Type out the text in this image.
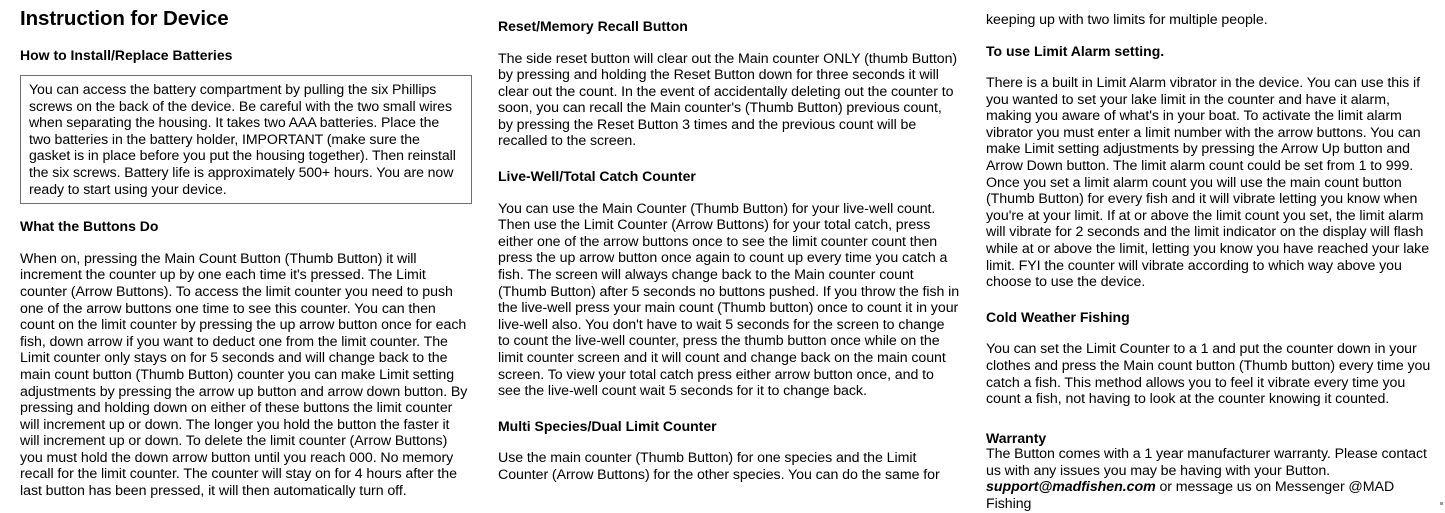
Instruction for Device
How to Install/Replace Batteries

You can access the battery compartment by pulling the six Phillips screws on the back of the device. Be careful with the two small wires when separating the housing. It takes two AAA batteries. Place the two batteries in the battery holder, IMPORTANT (make sure the gasket is in place before you put the housing together). Then reinstall the six screws. Battery life is approximately 500+ hours. You are now ready to start using your device.

What the Buttons Do

When on, pressing the Main Count Button (Thumb Button) it will increment the counter up by one each time it's pressed. The Limit counter (Arrow Buttons). To access the limit counter you need to push one of the arrow buttons one time to see this counter. You can then count on the limit counter by pressing the up arrow button once for each fish, down arrow if you want to deduct one from the limit counter. The Limit counter only stays on for 5 seconds and will change back to the main count button (Thumb Button) counter you can make Limit setting adjustments by pressing the arrow up button and arrow down button. By pressing and holding down on either of these buttons the limit counter will increment up or down. The longer you hold the button the faster it will increment up or down. To delete the limit counter (Arrow Buttons) you must hold the down arrow button until you reach 000. No memory recall for the limit counter. The counter will stay on for 4 hours after the last button has been pressed, it will then automatically turn off.

Reset/Memory Recall Button

The side reset button will clear out the Main counter ONLY (thumb Button) by pressing and holding the Reset Button down for three seconds it will clear out the count. In the event of accidentally deleting out the counter to soon, you can recall the Main counter's (Thumb Button) previous count, by pressing the Reset Button 3 times and the previous count will be recalled to the screen.

Live-Well/Total Catch Counter

You can use the Main Counter (Thumb Button) for your live-well count. Then use the Limit Counter (Arrow Buttons) for your total catch, press either one of the arrow buttons once to see the limit counter count then press the up arrow button once again to count up every time you catch a fish. The screen will always change back to the Main counter count (Thumb Button) after 5 seconds no buttons pushed. If you throw the fish in the live-well press your main count (Thumb button) once to count it in your live-well also. You don't have to wait 5 seconds for the screen to change to count the live-well counter, press the thumb button once while on the limit counter screen and it will count and change back on the main count screen. To view your total catch press either arrow button once, and to see the live-well count wait 5 seconds for it to change back.

Multi Species/Dual Limit Counter

Use the main counter (Thumb Button) for one species and the Limit Counter (Arrow Buttons) for the other species. You can do the same for

keeping up with two limits for multiple people.

To use Limit Alarm setting.

There is a built in Limit Alarm vibrator in the device. You can use this if you wanted to set your lake limit in the counter and have it alarm, making you aware of what's in your boat. To activate the limit alarm vibrator you must enter a limit number with the arrow buttons. You can make Limit setting adjustments by pressing the Arrow Up button and Arrow Down button. The limit alarm count could be set from 1 to 999. Once you set a limit alarm count you will use the main count button (Thumb Button) for every fish and it will vibrate letting you know when you're at your limit. If at or above the limit count you set, the limit alarm will vibrate for 2 seconds and the limit indicator on the display will flash while at or above the limit, letting you know you have reached your lake limit. FYI the counter will vibrate according to which way above you choose to use the device.

Cold Weather Fishing

You can set the Limit Counter to a 1 and put the counter down in your clothes and press the Main count button (Thumb button) every time you catch a fish. This method allows you to feel it vibrate every time you count a fish, not having to look at the counter knowing it counted.

Warranty

The Button comes with a 1 year manufacturer warranty. Please contact us with any issues you may be having with your Button. support@madfishen.com or message us on Messenger @MAD Fishing
